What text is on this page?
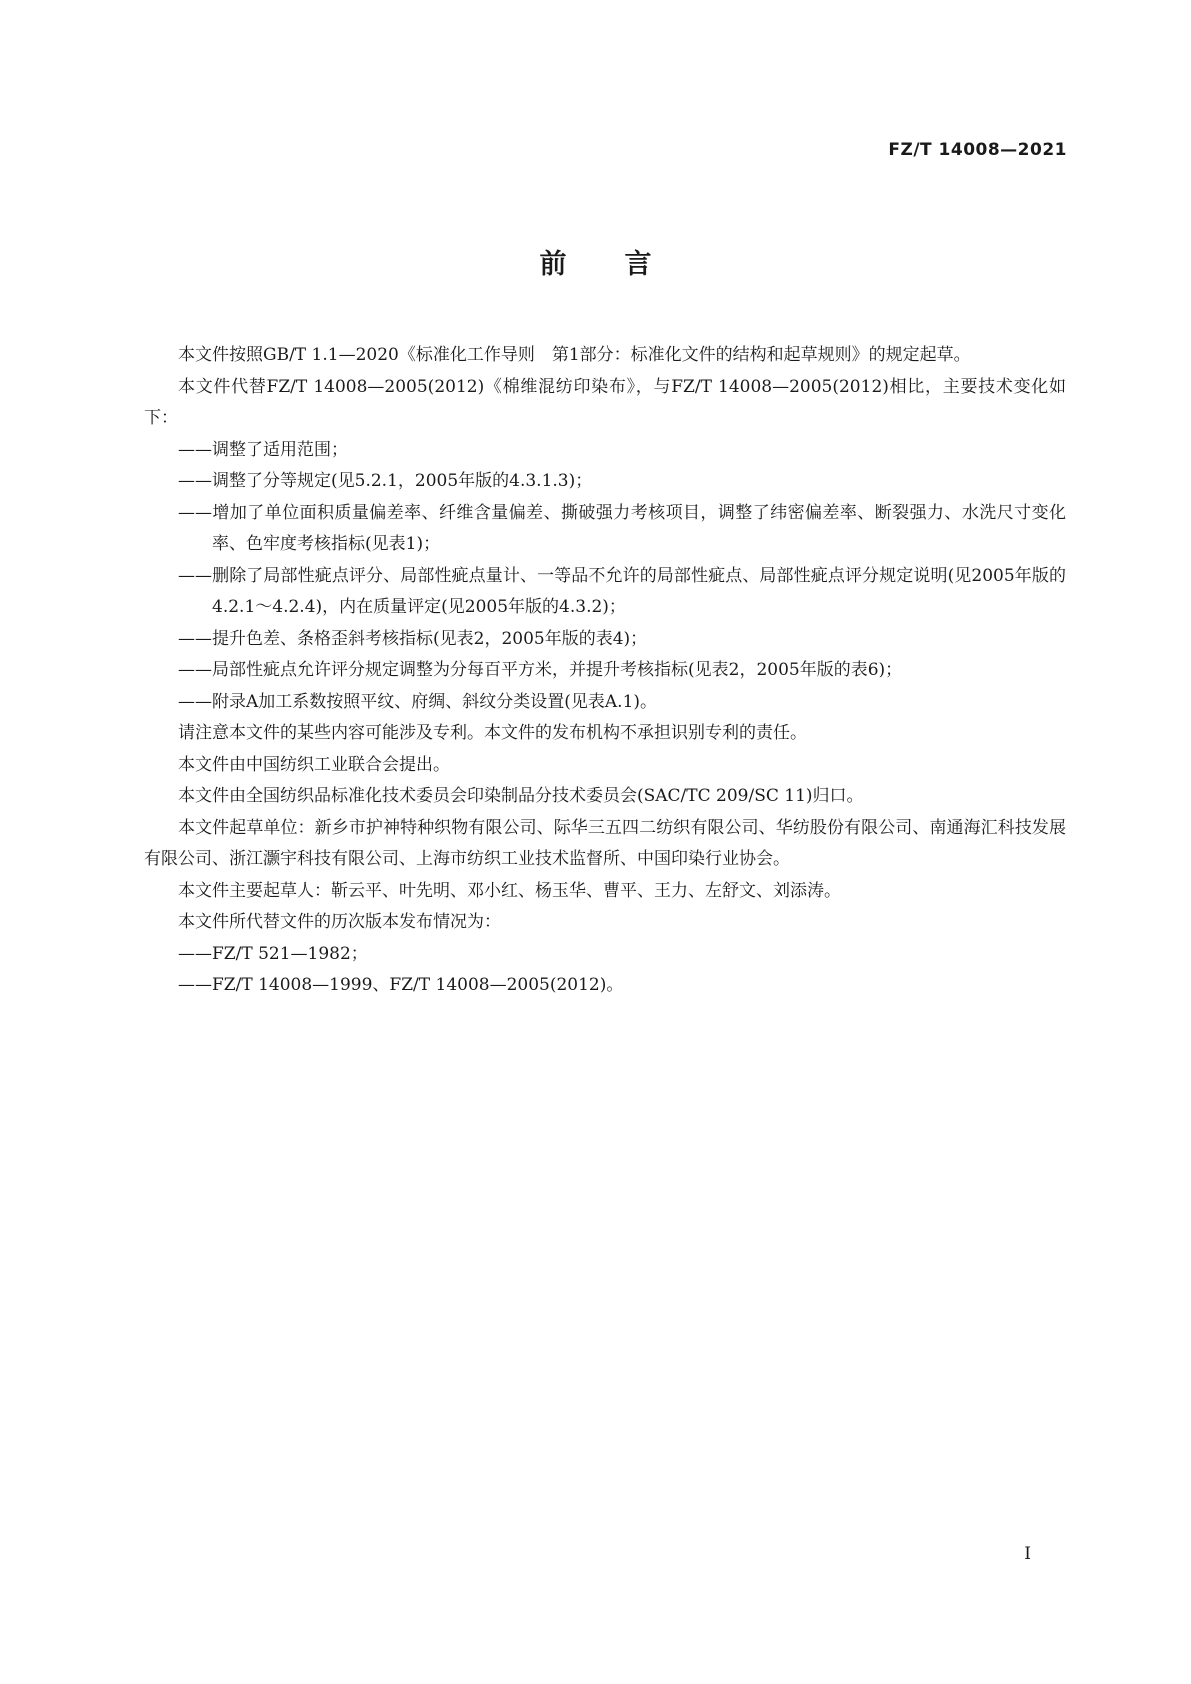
FZ/T 14008—2021
前言

本文件按照GB/T 1.1—2020《标准化工作导则　第1部分：标准化文件的结构和起草规则》的规定起草。

本文件代替FZ/T 14008—2005(2012)《棉维混纺印染布》，与FZ/T 14008—2005(2012)相比，主要技术变化如下：

——调整了适用范围；

——调整了分等规定(见5.2.1，2005年版的4.3.1.3)；

——增加了单位面积质量偏差率、纤维含量偏差、撕破强力考核项目，调整了纬密偏差率、断裂强力、水洗尺寸变化率、色牢度考核指标(见表1)；

——删除了局部性疵点评分、局部性疵点量计、一等品不允许的局部性疵点、局部性疵点评分规定说明(见2005年版的4.2.1～4.2.4)，内在质量评定(见2005年版的4.3.2)；

——提升色差、条格歪斜考核指标(见表2，2005年版的表4)；

——局部性疵点允许评分规定调整为分每百平方米，并提升考核指标(见表2，2005年版的表6)；

——附录A加工系数按照平纹、府绸、斜纹分类设置(见表A.1)。

请注意本文件的某些内容可能涉及专利。本文件的发布机构不承担识别专利的责任。

本文件由中国纺织工业联合会提出。

本文件由全国纺织品标准化技术委员会印染制品分技术委员会(SAC/TC 209/SC 11)归口。

本文件起草单位：新乡市护神特种织物有限公司、际华三五四二纺织有限公司、华纺股份有限公司、南通海汇科技发展有限公司、浙江灏宇科技有限公司、上海市纺织工业技术监督所、中国印染行业协会。

本文件主要起草人：靳云平、叶先明、邓小红、杨玉华、曹平、王力、左舒文、刘添涛。

本文件所代替文件的历次版本发布情况为：

——FZ/T 521—1982；

——FZ/T 14008—1999、FZ/T 14008—2005(2012)。

I
